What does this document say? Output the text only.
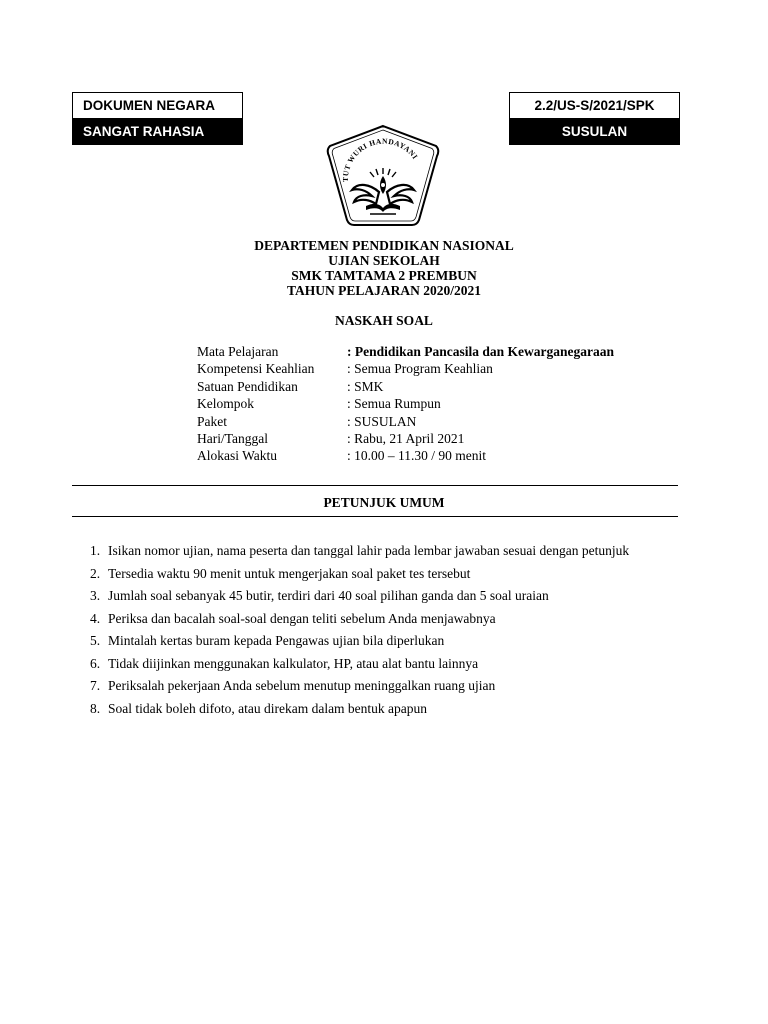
DOKUMEN NEGARA
SANGAT RAHASIA
2.2/US-S/2021/SPK
SUSULAN
TUT WURI HANDAYANI
DEPARTEMEN PENDIDIKAN NASIONAL
UJIAN SEKOLAH
SMK TAMTAMA 2 PREMBUN
TAHUN PELAJARAN 2020/2021
NASKAH SOAL
Mata Pelajaran	: Pendidikan Pancasila dan Kewarganegaraan
Kompetensi Keahlian	: Semua Program Keahlian
Satuan Pendidikan	: SMK
Kelompok	: Semua Rumpun
Paket	: SUSULAN
Hari/Tanggal	: Rabu, 21 April 2021
Alokasi Waktu	: 10.00 – 11.30 / 90 menit
PETUNJUK UMUM
1. Isikan nomor ujian, nama peserta dan tanggal lahir pada lembar jawaban sesuai dengan petunjuk
2. Tersedia waktu 90 menit untuk mengerjakan soal paket tes tersebut
3. Jumlah soal sebanyak 45 butir, terdiri dari 40 soal pilihan ganda dan 5 soal uraian
4. Periksa dan bacalah soal-soal dengan teliti sebelum Anda menjawabnya
5. Mintalah kertas buram kepada Pengawas ujian bila diperlukan
6. Tidak diijinkan menggunakan kalkulator, HP, atau alat bantu lainnya
7. Periksalah pekerjaan Anda sebelum menutup meninggalkan ruang ujian
8. Soal tidak boleh difoto, atau direkam dalam bentuk apapun
